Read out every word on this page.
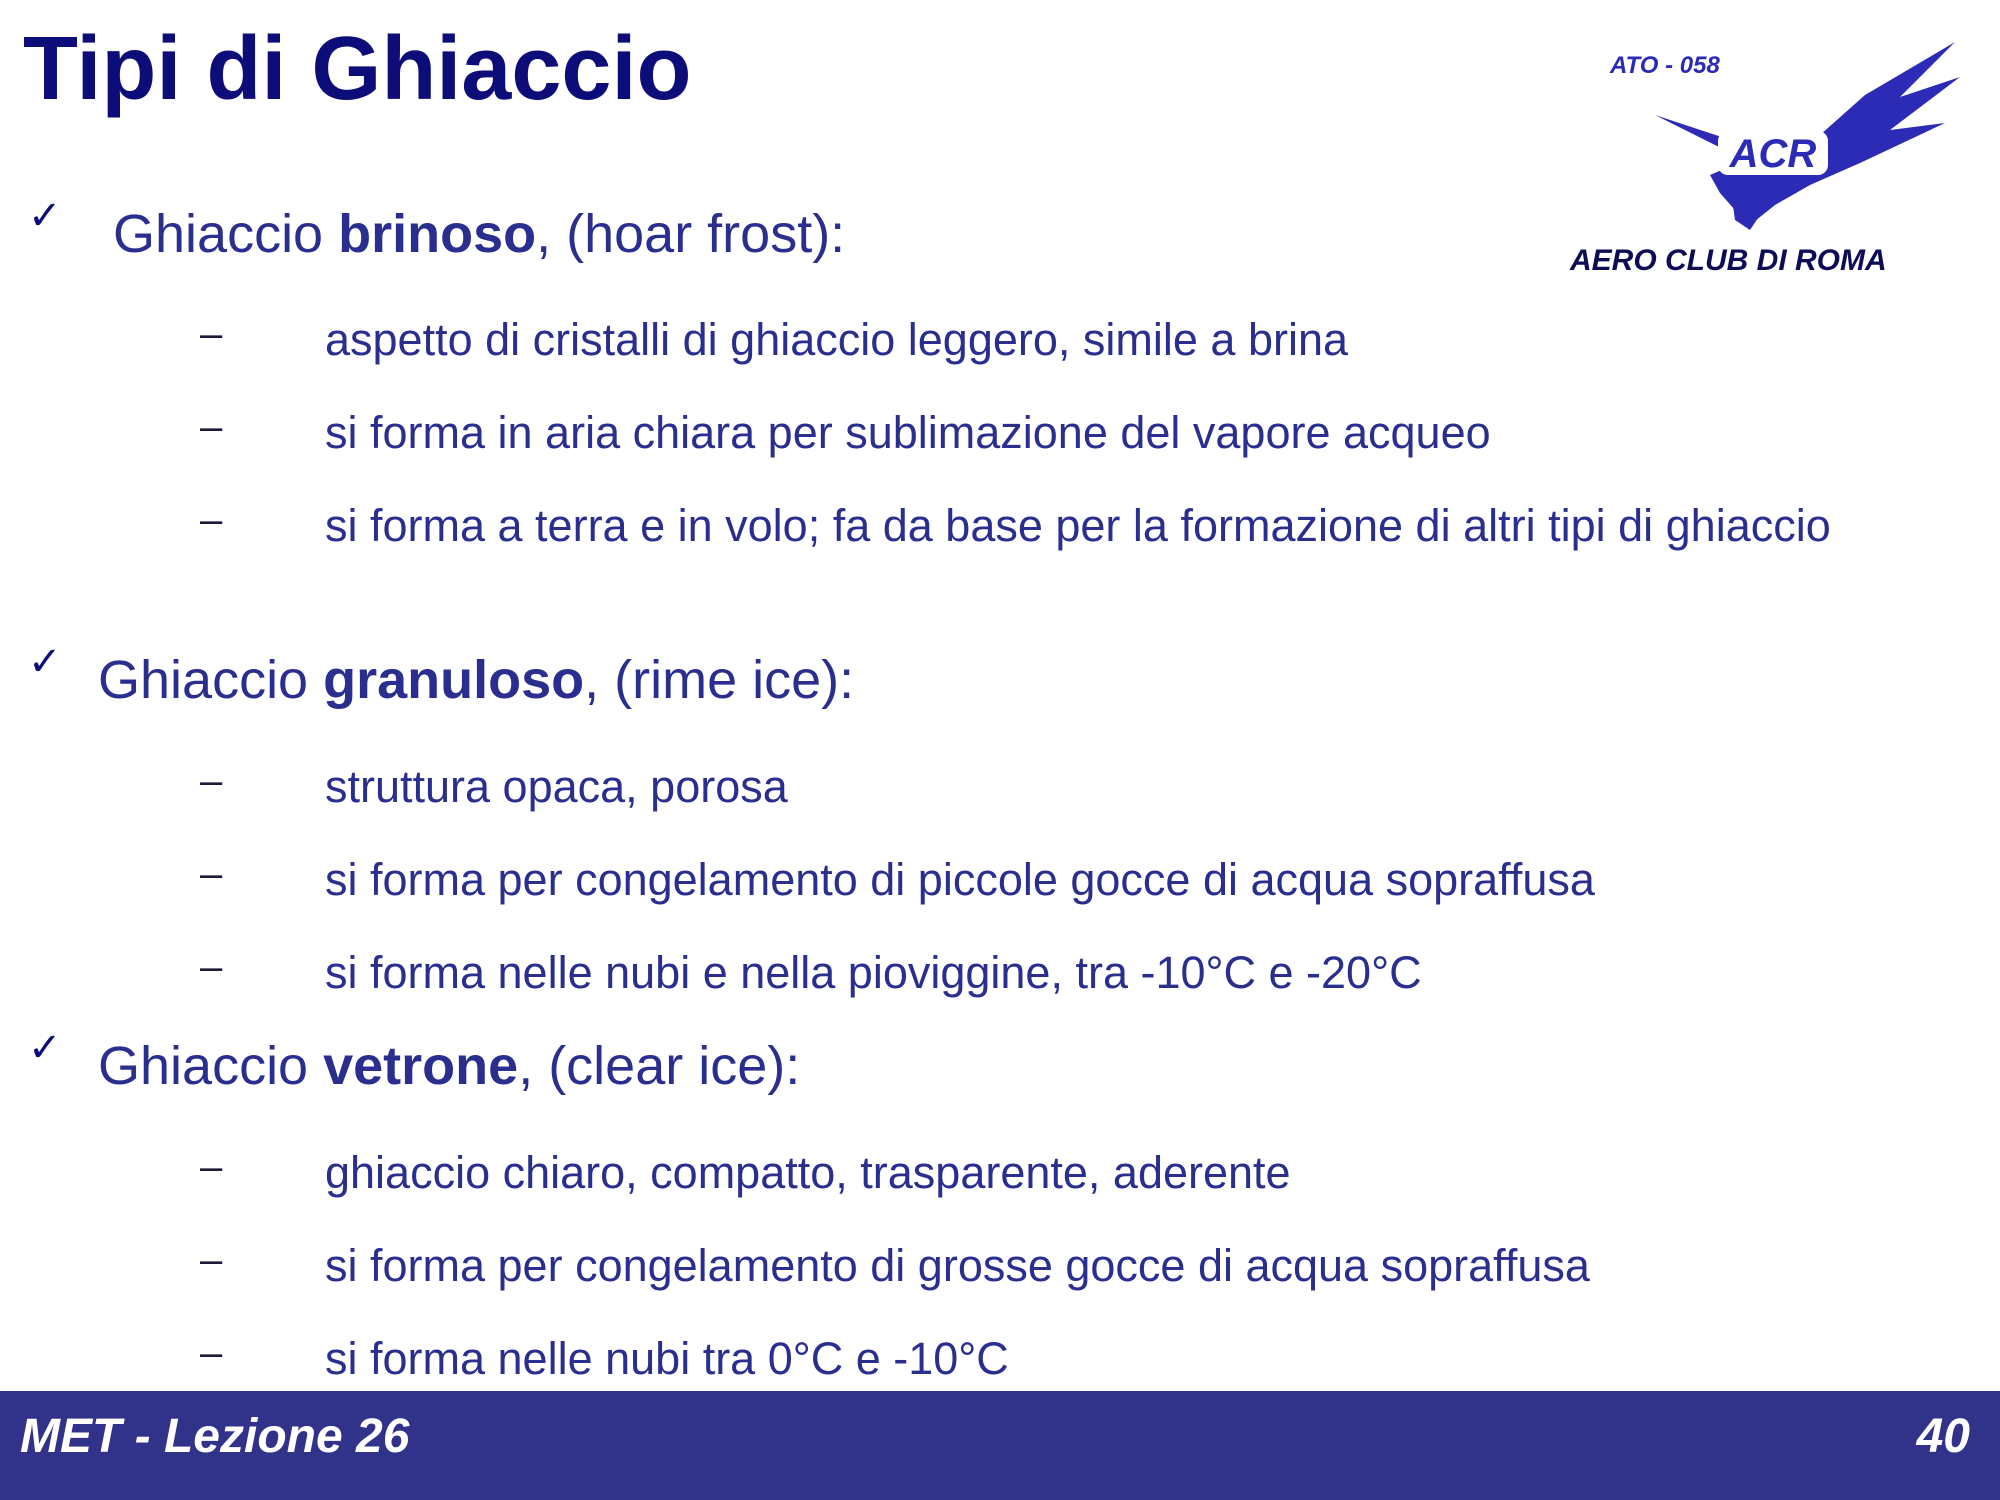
Tipi di Ghiaccio	ATO - 058
ACR
AERO CLUB DI ROMA
✓ Ghiaccio brinoso, (hoar frost):
– aspetto di cristalli di ghiaccio leggero, simile a brina
– si forma in aria chiara per sublimazione del vapore acqueo
– si forma a terra e in volo; fa da base per la formazione di altri tipi di ghiaccio
✓ Ghiaccio granuloso, (rime ice):
– struttura opaca, porosa
– si forma per congelamento di piccole gocce di acqua sopraffusa
– si forma nelle nubi e nella pioviggine, tra -10°C e -20°C
✓ Ghiaccio vetrone, (clear ice):
– ghiaccio chiaro, compatto, trasparente, aderente
– si forma per congelamento di grosse gocce di acqua sopraffusa
– si forma nelle nubi tra 0°C e -10°C
MET - Lezione 26	40
